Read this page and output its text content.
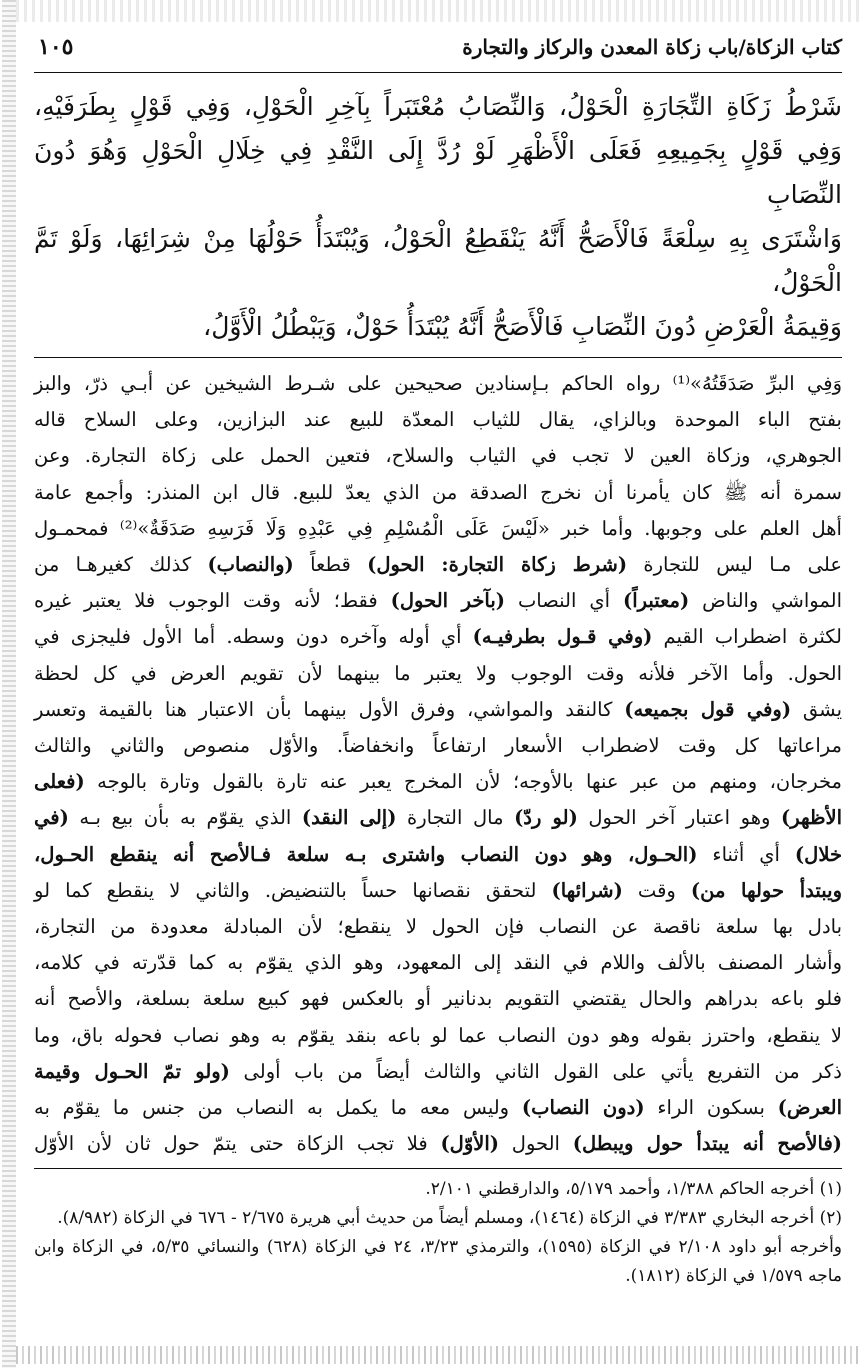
كتاب الزكاة/باب زكاة المعدن والركاز والتجارة
١٠٥
شَرْطُ زَكَاةِ التِّجَارَةِ الْحَوْلُ، وَالنِّصَابُ مُعْتَبَراً بِآخِرِ الْحَوْلِ، وَفِي قَوْلٍ بِطَرَفَيْهِ،
وَفِي قَوْلٍ بِجَمِيعِهِ فَعَلَى الْأَظْهَرِ لَوْ رُدَّ إِلَى النَّقْدِ فِي خِلَالِ الْحَوْلِ وَهُوَ دُونَ النِّصَابِ
وَاشْتَرَى بِهِ سِلْعَةً فَالْأَصَحُّ أَنَّهُ يَنْقَطِعُ الْحَوْلُ، وَيُبْتَدَأُ حَوْلُهَا مِنْ شِرَائِهَا، وَلَوْ تَمَّ الْحَوْلُ،
وَقِيمَةُ الْعَرْضِ دُونَ النِّصَابِ فَالْأَصَحُّ أَنَّهُ يُبْتَدَأُ حَوْلٌ، وَيَبْطُلُ الْأَوَّلُ،

وَفِي البرِّ صَدَقَتُهُ»⁽¹⁾ رواه الحاكم بـإسنادين صحيحين على شـرط الشيخين عن أبـي ذرّ، والبز

بفتح الباء الموحدة وبالزاي، يقال للثياب المعدّة للبيع عند البزازين، وعلى السلاح قاله

الجوهري، وزكاة العين لا تجب في الثياب والسلاح، فتعين الحمل على زكاة التجارة. وعن

سمرة أنه ﷺ كان يأمرنا أن نخرج الصدقة من الذي يعدّ للبيع. قال ابن المنذر: وأجمع عامة

أهل العلم على وجوبها. وأما خبر «لَيْسَ عَلَى الْمُسْلِمِ فِي عَبْدِهِ وَلَا فَرَسِهِ صَدَقَةٌ»⁽²⁾ فمحمـول

على مـا ليس للتجارة (شرط زكاة التجارة: الحول) قطعاً (والنصاب) كذلك كغيرهـا من

المواشي والناض (معتبراً) أي النصاب (بآخر الحول) فقط؛ لأنه وقت الوجوب فلا يعتبر غيره

لكثرة اضطراب القيم (وفي قـول بطرفيـه) أي أوله وآخره دون وسطه. أما الأول فليجزى في

الحول. وأما الآخر فلأنه وقت الوجوب ولا يعتبر ما بينهما لأن تقويم العرض في كل لحظة

يشق (وفي قول بجميعه) كالنقد والمواشي، وفرق الأول بينهما بأن الاعتبار هنا بالقيمة وتعسر

مراعاتها كل وقت لاضطراب الأسعار ارتفاعاً وانخفاضاً. والأوّل منصوص والثاني والثالث

مخرجان، ومنهم من عبر عنها بالأوجه؛ لأن المخرج يعبر عنه تارة بالقول وتارة بالوجه (فعلى

الأظهر) وهو اعتبار آخر الحول (لو ردّ) مال التجارة (إلى النقد) الذي يقوّم به بأن بيع بـه (في

خلال) أي أثناء (الحـول، وهو دون النصاب واشترى بـه سلعة فـالأصح أنه ينقطع الحـول،

ويبتدأ حولها من) وقت (شرائها) لتحقق نقصانها حساً بالتنضيض. والثاني لا ينقطع كما لو

بادل بها سلعة ناقصة عن النصاب فإن الحول لا ينقطع؛ لأن المبادلة معدودة من التجارة،

وأشار المصنف بالألف واللام في النقد إلى المعهود، وهو الذي يقوّم به كما قدّرته في كلامه،

فلو باعه بدراهم والحال يقتضي التقويم بدنانير أو بالعكس فهو كبيع سلعة بسلعة، والأصح أنه

لا ينقطع، واحترز بقوله وهو دون النصاب عما لو باعه بنقد يقوّم به وهو نصاب فحوله باق، وما

ذكر من التفريع يأتي على القول الثاني والثالث أيضاً من باب أولى (ولو تمّ الحـول وقيمة

العرض) بسكون الراء (دون النصاب) وليس معه ما يكمل به النصاب من جنس ما يقوّم به

(فالأصح أنه يبتدأ حول ويبطل) الحول (الأوّل) فلا تجب الزكاة حتى يتمّ حول ثان لأن الأوّل

(١) أخرجه الحاكم ١/٣٨٨، وأحمد ٥/١٧٩، والدارقطني ٢/١٠١.

(٢) أخرجه البخاري ٣/٣٨٣ في الزكاة (١٤٦٤)، ومسلم أيضاً من حديث أبي هريرة ٢/٦٧٥ - ٦٧٦ في الزكاة (٨/٩٨٢).

وأخرجه أبو داود ٢/١٠٨ في الزكاة (١٥٩٥)، والترمذي ٣/٢٣، ٢٤ في الزكاة (٦٢٨) والنسائي ٥/٣٥، في الزكاة وابن ماجه ١/٥٧٩ في الزكاة (١٨١٢).
